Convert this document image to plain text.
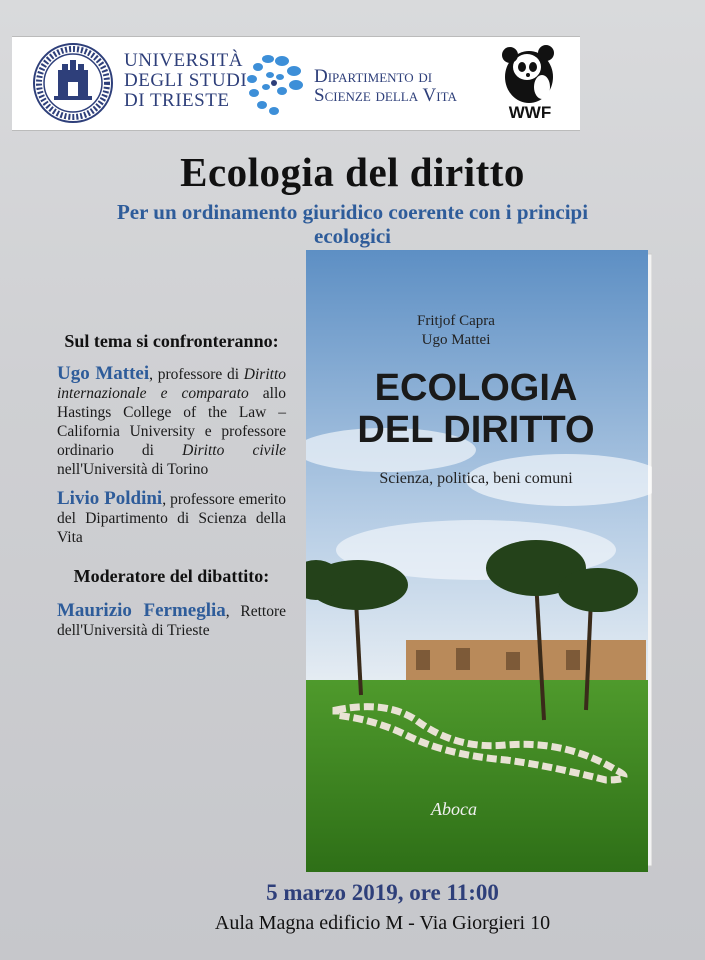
UNIVERSITÀ
DEGLI STUDI
DI TRIESTE
Dipartimento di
Scienze della Vita
WWF
Ecologia del diritto
Per un ordinamento giuridico coerente con i principi ecologici
Sul tema si confronteranno:
Ugo Mattei, professore di Diritto internazionale e comparato allo Hastings College of the Law – California University e professore ordinario di Diritto civile nell'Università di Torino
Livio Poldini, professore emerito del Dipartimento di Scienza della Vita
Moderatore del dibattito:
Maurizio Fermeglia, Rettore dell'Università di Trieste
Fritjof Capra
Ugo Mattei
ECOLOGIA
DEL DIRITTO
Scienza, politica, beni comuni
Aboca
5 marzo 2019, ore 11:00
Aula Magna edificio M - Via Giorgieri 10
